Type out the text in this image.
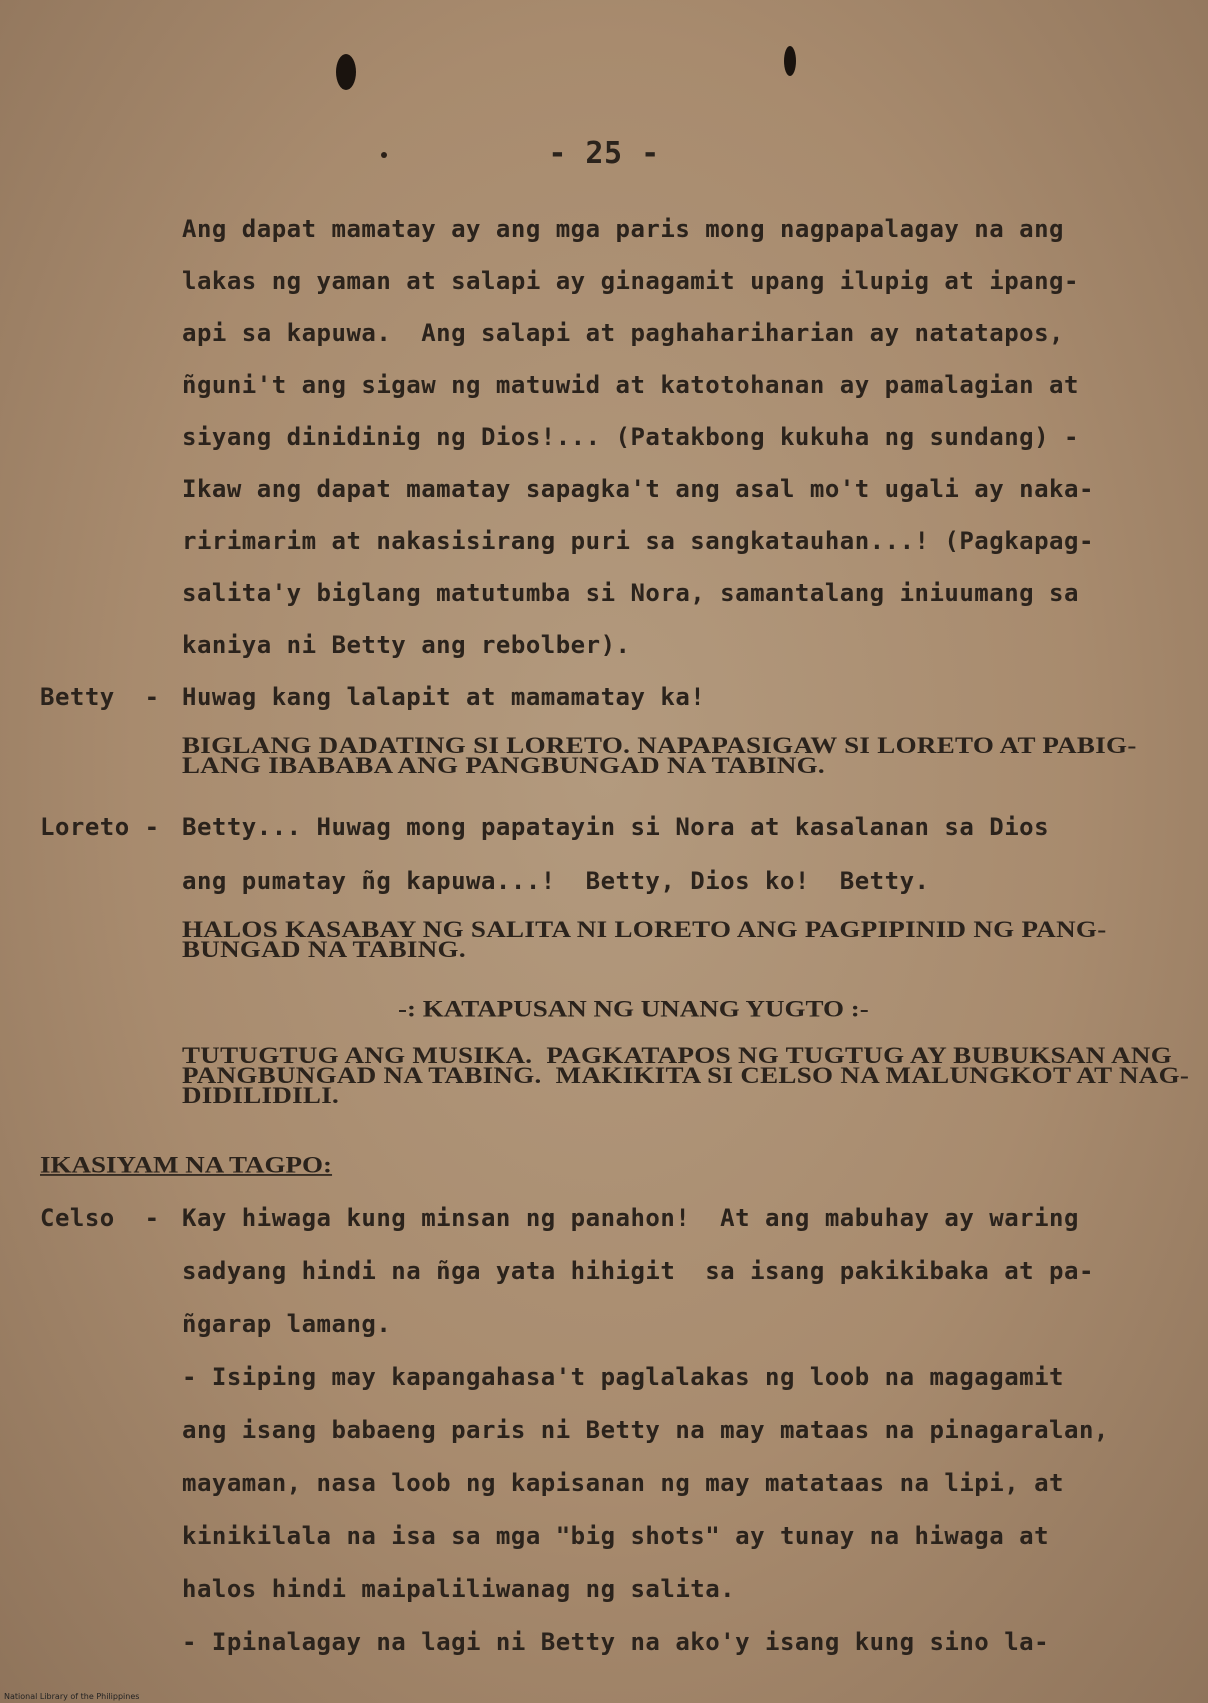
- 25 -
Ang dapat mamatay ay ang mga paris mong nagpapalagay na ang
lakas ng yaman at salapi ay ginagamit upang ilupig at ipang-
api sa kapuwa.  Ang salapi at paghahariharian ay natatapos,
ñguni't ang sigaw ng matuwid at katotohanan ay pamalagian at
siyang dinidinig ng Dios!... (Patakbong kukuha ng sundang) -
Ikaw ang dapat mamatay sapagka't ang asal mo't ugali ay naka-
ririmarim at nakasisirang puri sa sangkatauhan...! (Pagkapag-
salita'y biglang matutumba si Nora, samantalang iniuumang sa
kaniya ni Betty ang rebolber).
Betty  - Huwag kang lalapit at mamamatay ka!
BIGLANG DADATING SI LORETO. NAPAPASIGAW SI LORETO AT PABIG-
LANG IBABABA ANG PANGBUNGAD NA TABING.
Loreto - Betty... Huwag mong papatayin si Nora at kasalanan sa Dios
ang pumatay ñg kapuwa...!  Betty, Dios ko!  Betty.
HALOS KASABAY NG SALITA NI LORETO ANG PAGPIPINID NG PANG-
BUNGAD NA TABING.
-: KATAPUSAN NG UNANG YUGTO :-
TUTUGTUG ANG MUSIKA.  PAGKATAPOS NG TUGTUG AY BUBUKSAN ANG
PANGBUNGAD NA TABING.  MAKIKITA SI CELSO NA MALUNGKOT AT NAG-
DIDILIDILI.
IKASIYAM NA TAGPO:
Celso  - Kay hiwaga kung minsan ng panahon!  At ang mabuhay ay waring
sadyang hindi na ñga yata hihigit  sa isang pakikibaka at pa-
ñgarap lamang.
- Isiping may kapangahasa't paglalakas ng loob na magagamit
ang isang babaeng paris ni Betty na may mataas na pinagaralan,
mayaman, nasa loob ng kapisanan ng may matataas na lipi, at
kinikilala na isa sa mga "big shots" ay tunay na hiwaga at
halos hindi maipaliliwanag ng salita.
- Ipinalagay na lagi ni Betty na ako'y isang kung sino la-
National Library of the Philippines
